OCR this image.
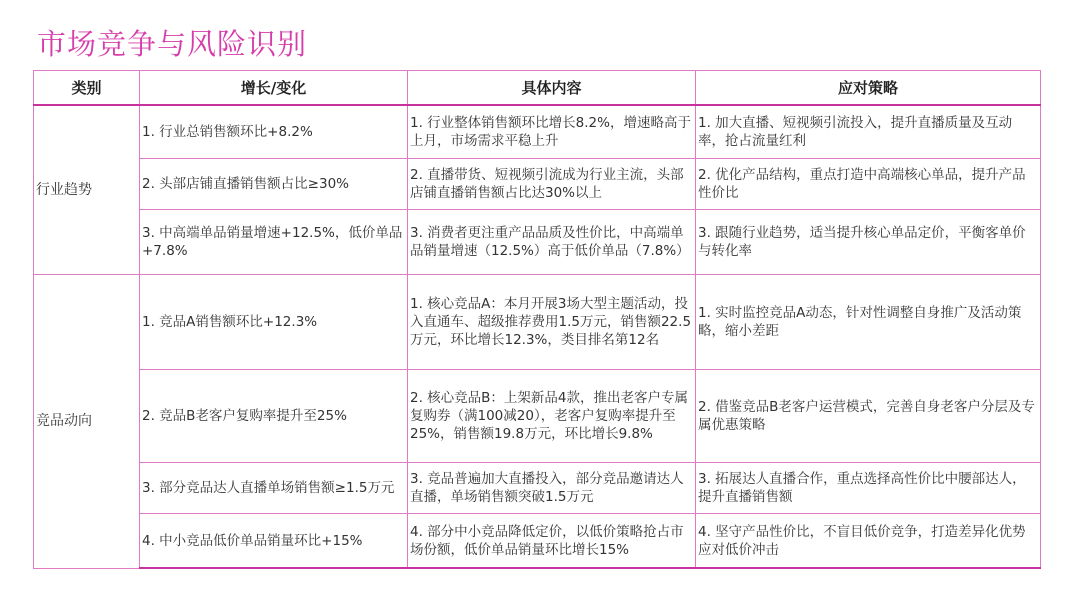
市场竞争与风险识别
类别	增长/变化	具体内容	应对策略
行业趋势	1. 行业总销售额环比+8.2%	1. 行业整体销售额环比增长8.2%，增速略高于上月，市场需求平稳上升	1. 加大直播、短视频引流投入，提升直播质量及互动率，抢占流量红利
	2. 头部店铺直播销售额占比≥30%	2. 直播带货、短视频引流成为行业主流，头部店铺直播销售额占比达30%以上	2. 优化产品结构，重点打造中高端核心单品，提升产品性价比
	3. 中高端单品销量增速+12.5%，低价单品+7.8%	3. 消费者更注重产品品质及性价比，中高端单品销量增速（12.5%）高于低价单品（7.8%）	3. 跟随行业趋势，适当提升核心单品定价，平衡客单价与转化率
竞品动向	1. 竞品A销售额环比+12.3%	1. 核心竞品A：本月开展3场大型主题活动，投入直通车、超级推荐费用1.5万元，销售额22.5万元，环比增长12.3%，类目排名第12名	1. 实时监控竞品A动态，针对性调整自身推广及活动策略，缩小差距
	2. 竞品B老客户复购率提升至25%	2. 核心竞品B：上架新品4款，推出老客户专属复购券（满100减20），老客户复购率提升至25%，销售额19.8万元，环比增长9.8%	2. 借鉴竞品B老客户运营模式，完善自身老客户分层及专属优惠策略
	3. 部分竞品达人直播单场销售额≥1.5万元	3. 竞品普遍加大直播投入，部分竞品邀请达人直播，单场销售额突破1.5万元	3. 拓展达人直播合作，重点选择高性价比中腰部达人，提升直播销售额
	4. 中小竞品低价单品销量环比+15%	4. 部分中小竞品降低定价，以低价策略抢占市场份额，低价单品销量环比增长15%	4. 坚守产品性价比，不盲目低价竞争，打造差异化优势应对低价冲击
